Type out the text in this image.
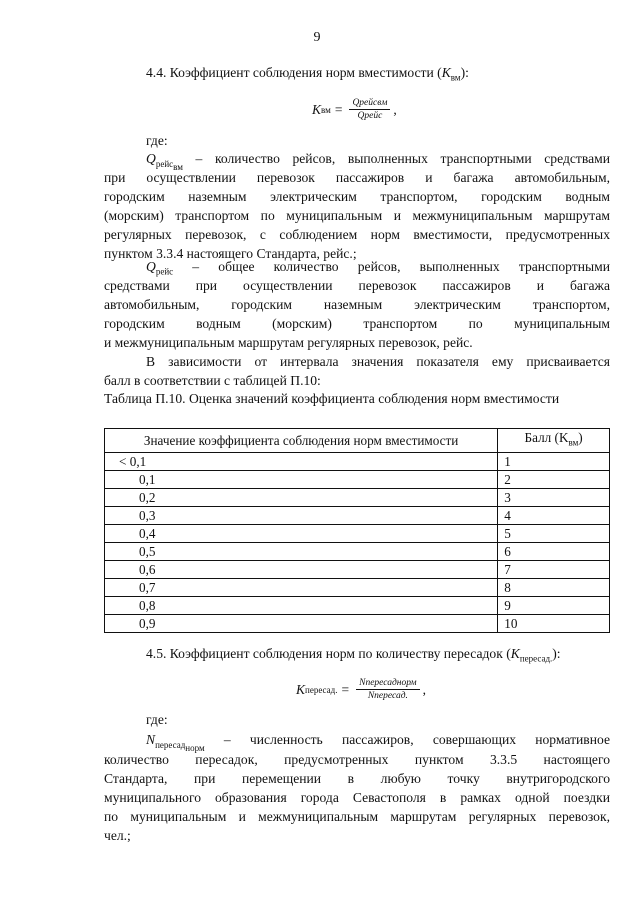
9

4.4. Коэффициент соблюдения норм вместимости $(K_{вм})$:

K вм = $\frac{\text{Qрейсвм}}{\text{Qрейс}}$ ,

где:

$Q_{рейс_{вм}}$ – количество рейсов, выполненных транспортными средствами

при осуществлении перевозок пассажиров и багажа автомобильным,

городским наземным электрическим транспортом, городским водным

(морским) транспортом по муниципальным и межмуниципальным маршрутам

регулярных перевозок, с соблюдением норм вместимости, предусмотренных

пунктом 3.3.4 настоящего Стандарта, рейс.;

$Q_{рейс}$ – общее количество рейсов, выполненных транспортными

средствами при осуществлении перевозок пассажиров и багажа

автомобильным, городским наземным электрическим транспортом,

городским водным (морским) транспортом по муниципальным

и межмуниципальным маршрутам регулярных перевозок, рейс.

В зависимости от интервала значения показателя ему присваивается

балл в соответствии с таблицей П.10:

Таблица П.10. Оценка значений коэффициента соблюдения норм вместимости

Значение коэффициента соблюдения норм вместимости	Балл $(K_{вм})$
< 0,1	1
0,1	2
0,2	3
0,3	4
0,4	5
0,5	6
0,6	7
0,7	8
0,8	9
0,9	10

4.5. Коэффициент соблюдения норм по количеству пересадок $(K_{пересад.})$:

K пересад. = $\frac{\text{Nпересаднорм}}{\text{Nпересад.}}$ ,

где:

$N_{пересад_{норм}}$ – численность пассажиров, совершающих нормативное

количество пересадок, предусмотренных пунктом 3.3.5 настоящего

Стандарта, при перемещении в любую точку внутригородского

муниципального образования города Севастополя в рамках одной поездки

по муниципальным и межмуниципальным маршрутам регулярных перевозок,

чел.;
